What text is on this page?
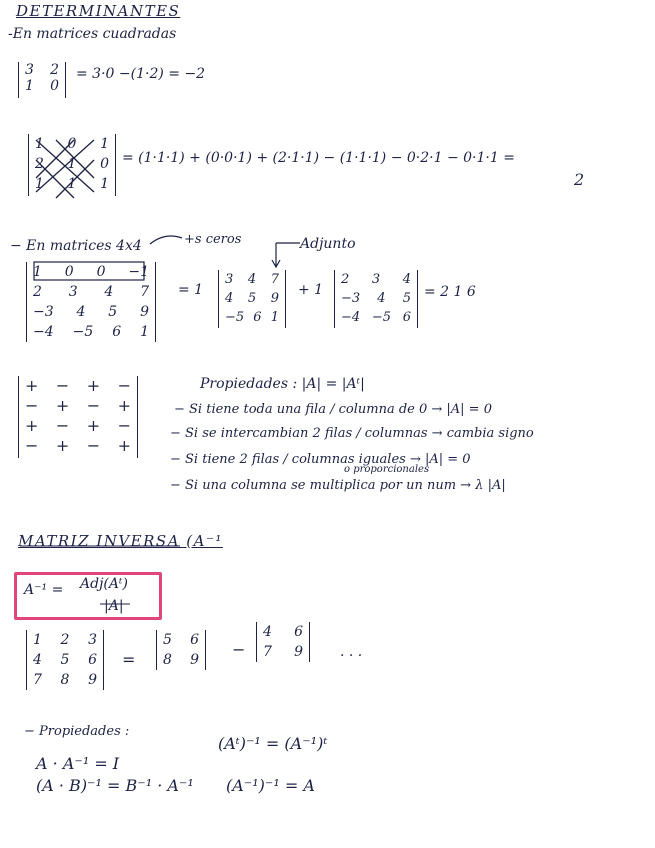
DETERMINANTES
-En matrices cuadradas
3 2
1 0
= 3·0 −(1·2) = −2
1 0 1
2 1 0
1 1 1
= (1·1·1) + (0·0·1) + (2·1·1) − (1·1·1) − 0·2·1 − 0·1·1 =
2
− En matrices 4x4	+s ceros	Adjunto
1 0 0 −1
2 3 4 7
−3 4 5 9
−4 −5 6 1
= 1
3 4 7
4 5 9
−5 6 1
+ 1
2 3 4
−3 4 5
−4 −5 6
= 2 1 6
+ − + −
− + − +
+ − + −
− + − +
Propiedades : |A| = |Aᵗ|
− Si tiene toda una fila / columna de 0 → |A| = 0
− Si se intercambian 2 filas / columnas → cambia signo
− Si tiene 2 filas / columnas iguales → |A| = 0
o proporcionales
− Si una columna se multiplica por un num → λ |A|
MATRIZ INVERSA (A⁻¹
A⁻¹ = Adj(Aᵗ)
|A|
1 2 3
4 5 6
7 8 9
=
5 6
8 9
−
4 6
7 9	. . .
− Propiedades :
A · A⁻¹ = I
(A · B)⁻¹ = B⁻¹ · A⁻¹
(Aᵗ)⁻¹ = (A⁻¹)ᵗ
(A⁻¹)⁻¹ = A
